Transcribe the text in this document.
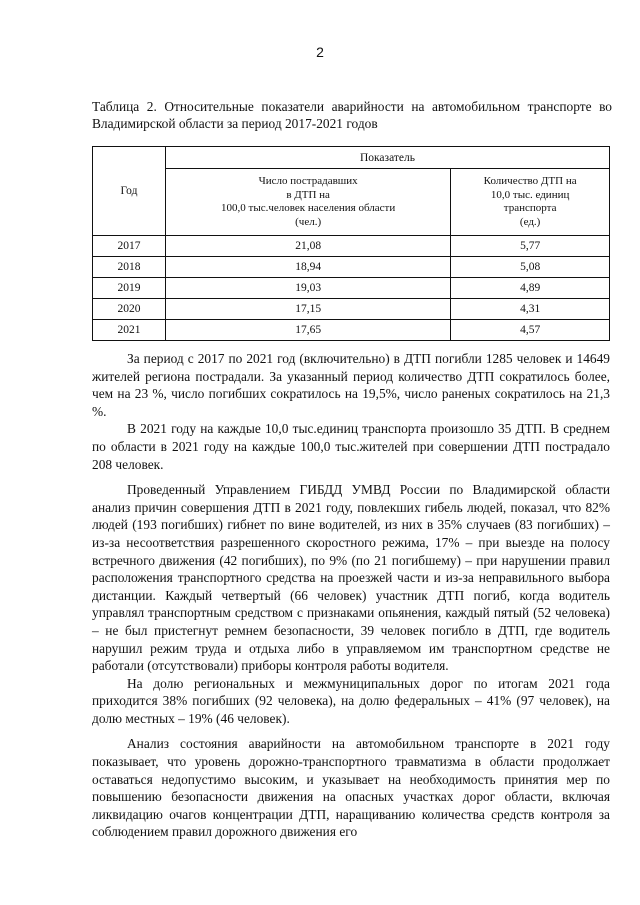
2
Таблица 2. Относительные показатели аварийности на автомобильном транспорте во Владимирской области за период 2017-2021 годов
Год	Показатель	
	Число пострадавших
в ДТП на
100,0 тыс.человек населения области
(чел.)	Количество ДТП на
10,0 тыс. единиц
транспорта
(ед.)
2017	21,08	5,77
2018	18,94	5,08
2019	19,03	4,89
2020	17,15	4,31
2021	17,65	4,57

За период с 2017 по 2021 год (включительно) в ДТП погибли 1285 человек и 14649 жителей региона пострадали. За указанный период количество ДТП сократилось более, чем на 23 %, число погибших сократилось на 19,5%, число раненых сократилось на 21,3 %.

В 2021 году на каждые 10,0 тыс.единиц транспорта произошло 35 ДТП. В среднем по области в 2021 году на каждые 100,0 тыс.жителей при совершении ДТП пострадало 208 человек.

Проведенный Управлением ГИБДД УМВД России по Владимирской области анализ причин совершения ДТП в 2021 году, повлекших гибель людей, показал, что 82% людей (193 погибших) гибнет по вине водителей, из них в 35% случаев (83 погибших) – из-за несоответствия разрешенного скоростного режима, 17% – при выезде на полосу встречного движения (42 погибших), по 9% (по 21 погибшему) – при нарушении правил расположения транспортного средства на проезжей части и из-за неправильного выбора дистанции. Каждый четвертый (66 человек) участник ДТП погиб, когда водитель управлял транспортным средством с признаками опьянения, каждый пятый (52 человека) – не был пристегнут ремнем безопасности, 39 человек погибло в ДТП, где водитель нарушил режим труда и отдыха либо в управляемом им транспортном средстве не работали (отсутствовали) приборы контроля работы водителя.

На долю региональных и межмуниципальных дорог по итогам 2021 года приходится 38% погибших (92 человека), на долю федеральных – 41% (97 человек), на долю местных – 19% (46 человек).

Анализ состояния аварийности на автомобильном транспорте в 2021 году показывает, что уровень дорожно-транспортного травматизма в области продолжает оставаться недопустимо высоким, и указывает на необходимость принятия мер по повышению безопасности движения на опасных участках дорог области, включая ликвидацию очагов концентрации ДТП, наращиванию количества средств контроля за соблюдением правил дорожного движения его
